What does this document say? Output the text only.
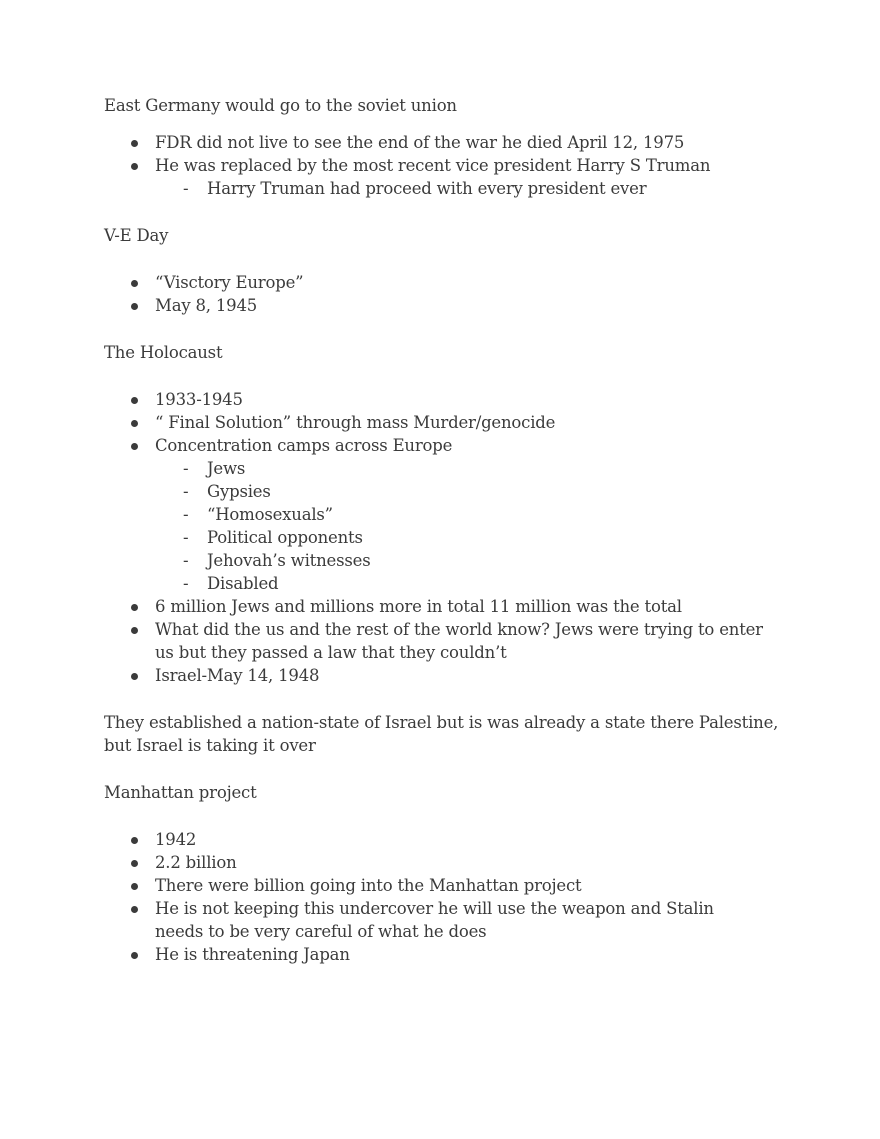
East Germany would go to the soviet union

FDR did not live to see the end of the war he died April 12, 1975
He was replaced by the most recent vice president Harry S Truman
- Harry Truman had proceed with every president ever

V-E Day

“Visctory Europe”
May 8, 1945

The Holocaust

1933-1945
“ Final Solution” through mass Murder/genocide
Concentration camps across Europe
- Jews
- Gypsies
- “Homosexuals”
- Political opponents
- Jehovah’s witnesses
- Disabled
6 million Jews and millions more in total 11 million was the total
What did the us and the rest of the world know? Jews were trying to enter us but they passed a law that they couldn’t
Israel-May 14, 1948

They established a nation-state of Israel but is was already a state there Palestine, but Israel is taking it over

Manhattan project

1942
2.2 billion
There were billion going into the Manhattan project
He is not keeping this undercover he will use the weapon and Stalin needs to be very careful of what he does
He is threatening Japan
